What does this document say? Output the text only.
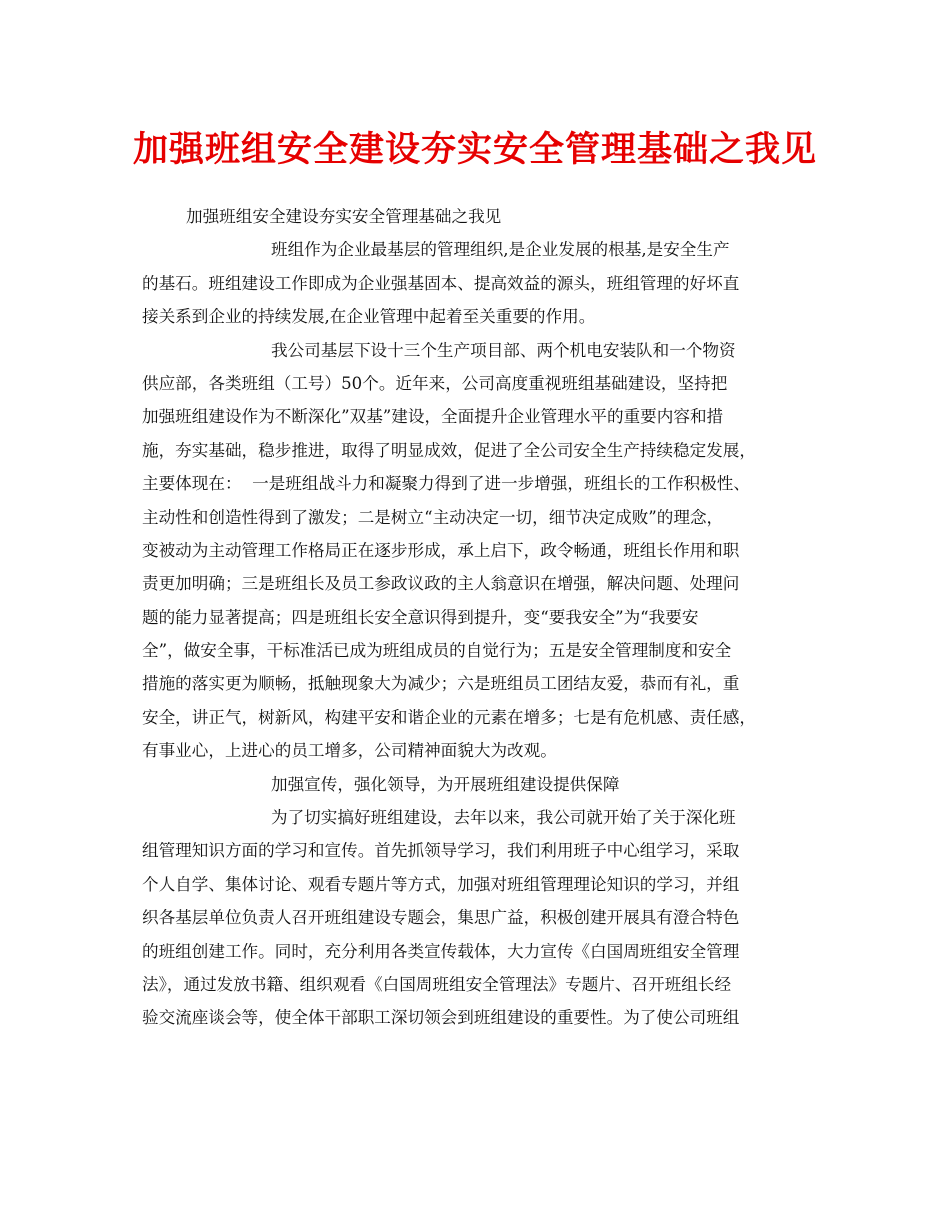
加强班组安全建设夯实安全管理基础之我见
加强班组安全建设夯实安全管理基础之我见
班组作为企业最基层的管理组织,是企业发展的根基,是安全生产
的基石。班组建设工作即成为企业强基固本、提高效益的源头，班组管理的好坏直
接关系到企业的持续发展,在企业管理中起着至关重要的作用。
我公司基层下设十三个生产项目部、两个机电安装队和一个物资
供应部，各类班组（工号）50个。近年来，公司高度重视班组基础建设，坚持把
加强班组建设作为不断深化”双基”建设，全面提升企业管理水平的重要内容和措
施，夯实基础，稳步推进，取得了明显成效，促进了全公司安全生产持续稳定发展，
主要体现在：  一是班组战斗力和凝聚力得到了进一步增强，班组长的工作积极性、
主动性和创造性得到了激发；二是树立“主动决定一切，细节决定成败”的理念，
变被动为主动管理工作格局正在逐步形成，承上启下，政令畅通，班组长作用和职
责更加明确；三是班组长及员工参政议政的主人翁意识在增强，解决问题、处理问
题的能力显著提高；四是班组长安全意识得到提升，变“要我安全”为“我要安
全”，做安全事，干标准活已成为班组成员的自觉行为；五是安全管理制度和安全
措施的落实更为顺畅，抵触现象大为减少；六是班组员工团结友爱，恭而有礼，重
安全，讲正气，树新风，构建平安和谐企业的元素在增多；七是有危机感、责任感，
有事业心，上进心的员工增多，公司精神面貌大为改观。
加强宣传，强化领导，为开展班组建设提供保障
为了切实搞好班组建设，去年以来，我公司就开始了关于深化班
组管理知识方面的学习和宣传。首先抓领导学习，我们利用班子中心组学习，采取
个人自学、集体讨论、观看专题片等方式，加强对班组管理理论知识的学习，并组
织各基层单位负责人召开班组建设专题会，集思广益，积极创建开展具有澄合特色
的班组创建工作。同时，充分利用各类宣传载体，大力宣传《白国周班组安全管理
法》，通过发放书籍、组织观看《白国周班组安全管理法》专题片、召开班组长经
验交流座谈会等，使全体干部职工深切领会到班组建设的重要性。为了使公司班组
